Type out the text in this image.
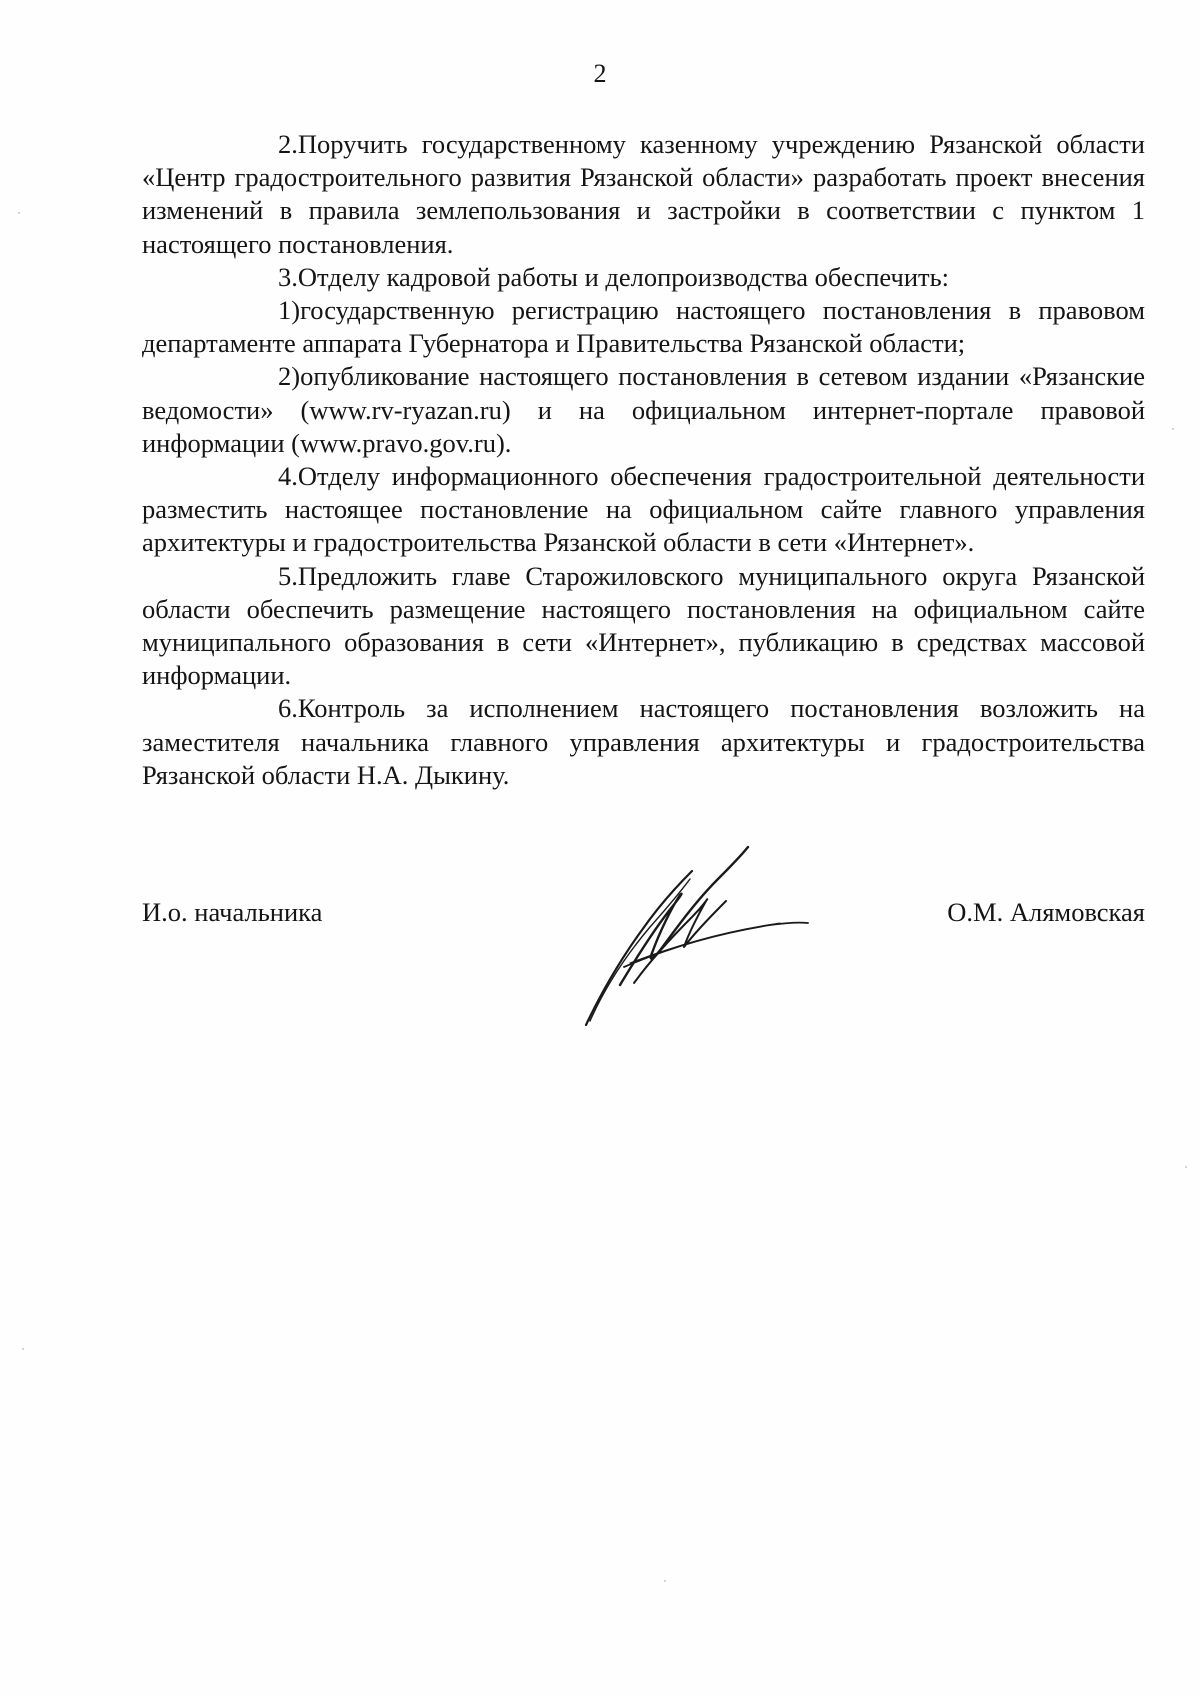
2

2.Поручить государственному казенному учреждению Рязанской области «Центр градостроительного развития Рязанской области» разработать проект внесения изменений в правила землепользования и застройки в соответствии с пунктом 1 настоящего постановления.

3.Отделу кадровой работы и делопроизводства обеспечить:

1)государственную регистрацию настоящего постановления в правовом департаменте аппарата Губернатора и Правительства Рязанской области;

2)опубликование настоящего постановления в сетевом издании «Рязанские ведомости» (www.rv-ryazan.ru) и на официальном интернет-портале правовой информации (www.pravo.gov.ru).

4.Отделу информационного обеспечения градостроительной деятельности разместить настоящее постановление на официальном сайте главного управления архитектуры и градостроительства Рязанской области в сети «Интернет».

5.Предложить главе Старожиловского муниципального округа Рязанской области обеспечить размещение настоящего постановления на официальном сайте муниципального образования в сети «Интернет», публикацию в средствах массовой информации.

6.Контроль за исполнением настоящего постановления возложить на заместителя начальника главного управления архитектуры и градостроительства Рязанской области Н.А. Дыкину.

И.о. начальника	О.М. Алямовская
